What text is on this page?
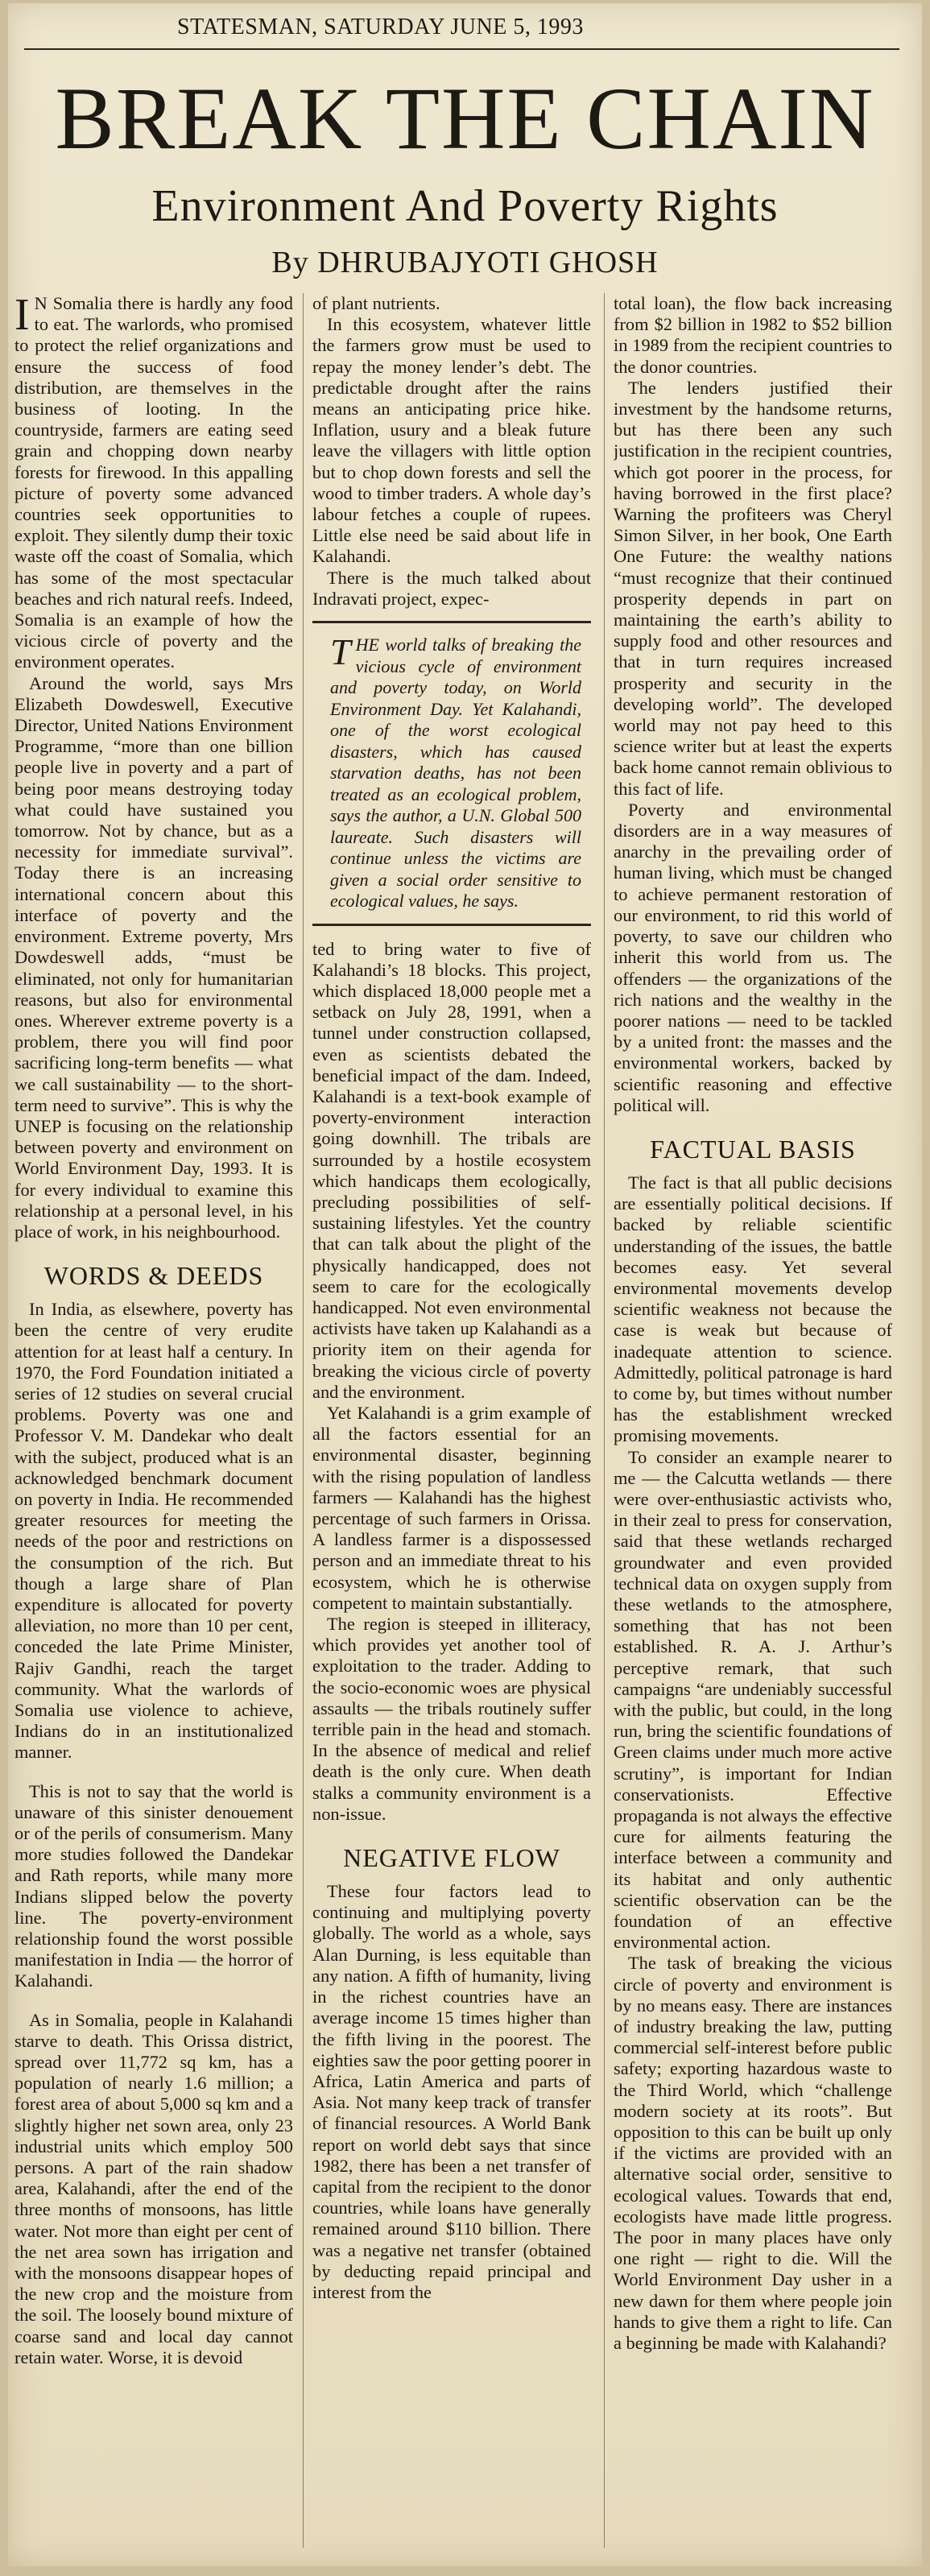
STATESMAN, SATURDAY JUNE 5, 1993
BREAK THE CHAIN
Environment And Poverty Rights
By DHRUBAJYOTI GHOSH

I N Somalia there is hardly any food to eat. The warlords, who promised to protect the relief organizations and ensure the success of food distribution, are themselves in the business of looting. In the countryside, farmers are eating seed grain and chopping down nearby forests for firewood. In this appalling picture of poverty some advanced countries seek opportunities to exploit. They silently dump their toxic waste off the coast of Somalia, which has some of the most spectacular beaches and rich natural reefs. Indeed, Somalia is an example of how the vicious circle of poverty and the environment operates.

Around the world, says Mrs Elizabeth Dowdeswell, Executive Director, United Nations Environment Programme, “more than one billion people live in poverty and a part of being poor means destroying today what could have sustained you tomorrow. Not by chance, but as a necessity for immediate survival”. Today there is an increasing international concern about this interface of poverty and the environment. Extreme poverty, Mrs Dowdeswell adds, “must be eliminated, not only for humanitarian reasons, but also for environmental ones. Wherever extreme poverty is a problem, there you will find poor sacrificing long-term benefits — what we call sustainability — to the short-term need to survive”. This is why the UNEP is focusing on the relationship between poverty and environment on World Environment Day, 1993. It is for every individual to examine this relationship at a personal level, in his place of work, in his neighbourhood.

WORDS & DEEDS

In India, as elsewhere, poverty has been the centre of very erudite attention for at least half a century. In 1970, the Ford Foundation initiated a series of 12 studies on several crucial problems. Poverty was one and Professor V. M. Dandekar who dealt with the subject, produced what is an acknowledged benchmark document on poverty in India. He recommended greater resources for meeting the needs of the poor and restrictions on the consumption of the rich. But though a large share of Plan expenditure is allocated for poverty alleviation, no more than 10 per cent, conceded the late Prime Minister, Rajiv Gandhi, reach the target community. What the warlords of Somalia use violence to achieve, Indians do in an institutionalized manner.

This is not to say that the world is unaware of this sinister denouement or of the perils of consumerism. Many more studies followed the Dandekar and Rath reports, while many more Indians slipped below the poverty line. The poverty-environment relationship found the worst possible manifestation in India — the horror of Kalahandi.

As in Somalia, people in Kalahandi starve to death. This Orissa district, spread over 11,772 sq km, has a population of nearly 1.6 million; a forest area of about 5,000 sq km and a slightly higher net sown area, only 23 industrial units which employ 500 persons. A part of the rain shadow area, Kalahandi, after the end of the three months of monsoons, has little water. Not more than eight per cent of the net area sown has irrigation and with the monsoons disappear hopes of the new crop and the moisture from the soil. The loosely bound mixture of coarse sand and local day cannot retain water. Worse, it is devoid

of plant nutrients.

In this ecosystem, whatever little the farmers grow must be used to repay the money lender’s debt. The predictable drought after the rains means an anticipating price hike. Inflation, usury and a bleak future leave the villagers with little option but to chop down forests and sell the wood to timber traders. A whole day’s labour fetches a couple of rupees. Little else need be said about life in Kalahandi.

There is the much talked about Indravati project, expec-

THE world talks of breaking the vicious cycle of environment and poverty today, on World Environment Day. Yet Kalahandi, one of the worst ecological disasters, which has caused starvation deaths, has not been treated as an ecological problem, says the author, a U.N. Global 500 laureate. Such disasters will continue unless the victims are given a social order sensitive to ecological values, he says.

ted to bring water to five of Kalahandi’s 18 blocks. This project, which displaced 18,000 people met a setback on July 28, 1991, when a tunnel under construction collapsed, even as scientists debated the beneficial impact of the dam. Indeed, Kalahandi is a text-book example of poverty-environment interaction going downhill. The tribals are surrounded by a hostile ecosystem which handicaps them ecologically, precluding possibilities of self-sustaining lifestyles. Yet the country that can talk about the plight of the physically handicapped, does not seem to care for the ecologically handicapped. Not even environmental activists have taken up Kalahandi as a priority item on their agenda for breaking the vicious circle of poverty and the environment.

Yet Kalahandi is a grim example of all the factors essential for an environmental disaster, beginning with the rising population of landless farmers — Kalahandi has the highest percentage of such farmers in Orissa. A landless farmer is a dispossessed person and an immediate threat to his ecosystem, which he is otherwise competent to maintain substantially.

The region is steeped in illiteracy, which provides yet another tool of exploitation to the trader. Adding to the socio-economic woes are physical assaults — the tribals routinely suffer terrible pain in the head and stomach. In the absence of medical and relief death is the only cure. When death stalks a community environment is a non-issue.

NEGATIVE FLOW

These four factors lead to continuing and multiplying poverty globally. The world as a whole, says Alan Durning, is less equitable than any nation. A fifth of humanity, living in the richest countries have an average income 15 times higher than the fifth living in the poorest. The eighties saw the poor getting poorer in Africa, Latin America and parts of Asia. Not many keep track of transfer of financial resources. A World Bank report on world debt says that since 1982, there has been a net transfer of capital from the recipient to the donor countries, while loans have generally remained around $110 billion. There was a negative net transfer (obtained by deducting repaid principal and interest from the

total loan), the flow back increasing from $2 billion in 1982 to $52 billion in 1989 from the recipient countries to the donor countries.

The lenders justified their investment by the handsome returns, but has there been any such justification in the recipient countries, which got poorer in the process, for having borrowed in the first place? Warning the profiteers was Cheryl Simon Silver, in her book, One Earth One Future: the wealthy nations “must recognize that their continued prosperity depends in part on maintaining the earth’s ability to supply food and other resources and that in turn requires increased prosperity and security in the developing world”. The developed world may not pay heed to this science writer but at least the experts back home cannot remain oblivious to this fact of life.

Poverty and environmental disorders are in a way measures of anarchy in the prevailing order of human living, which must be changed to achieve permanent restoration of our environment, to rid this world of poverty, to save our children who inherit this world from us. The offenders — the organizations of the rich nations and the wealthy in the poorer nations — need to be tackled by a united front: the masses and the environmental workers, backed by scientific reasoning and effective political will.

FACTUAL BASIS

The fact is that all public decisions are essentially political decisions. If backed by reliable scientific understanding of the issues, the battle becomes easy. Yet several environmental movements develop scientific weakness not because the case is weak but because of inadequate attention to science. Admittedly, political patronage is hard to come by, but times without number has the establishment wrecked promising movements.

To consider an example nearer to me — the Calcutta wetlands — there were over-enthusiastic activists who, in their zeal to press for conservation, said that these wetlands recharged groundwater and even provided technical data on oxygen supply from these wetlands to the atmosphere, something that has not been established. R. A. J. Arthur’s perceptive remark, that such campaigns “are undeniably successful with the public, but could, in the long run, bring the scientific foundations of Green claims under much more active scrutiny”, is important for Indian conservationists. Effective propaganda is not always the effective cure for ailments featuring the interface between a community and its habitat and only authentic scientific observation can be the foundation of an effective environmental action.

The task of breaking the vicious circle of poverty and environment is by no means easy. There are instances of industry breaking the law, putting commercial self-interest before public safety; exporting hazardous waste to the Third World, which “challenge modern society at its roots”. But opposition to this can be built up only if the victims are provided with an alternative social order, sensitive to ecological values. Towards that end, ecologists have made little progress. The poor in many places have only one right — right to die. Will the World Environment Day usher in a new dawn for them where people join hands to give them a right to life. Can a beginning be made with Kalahandi?
